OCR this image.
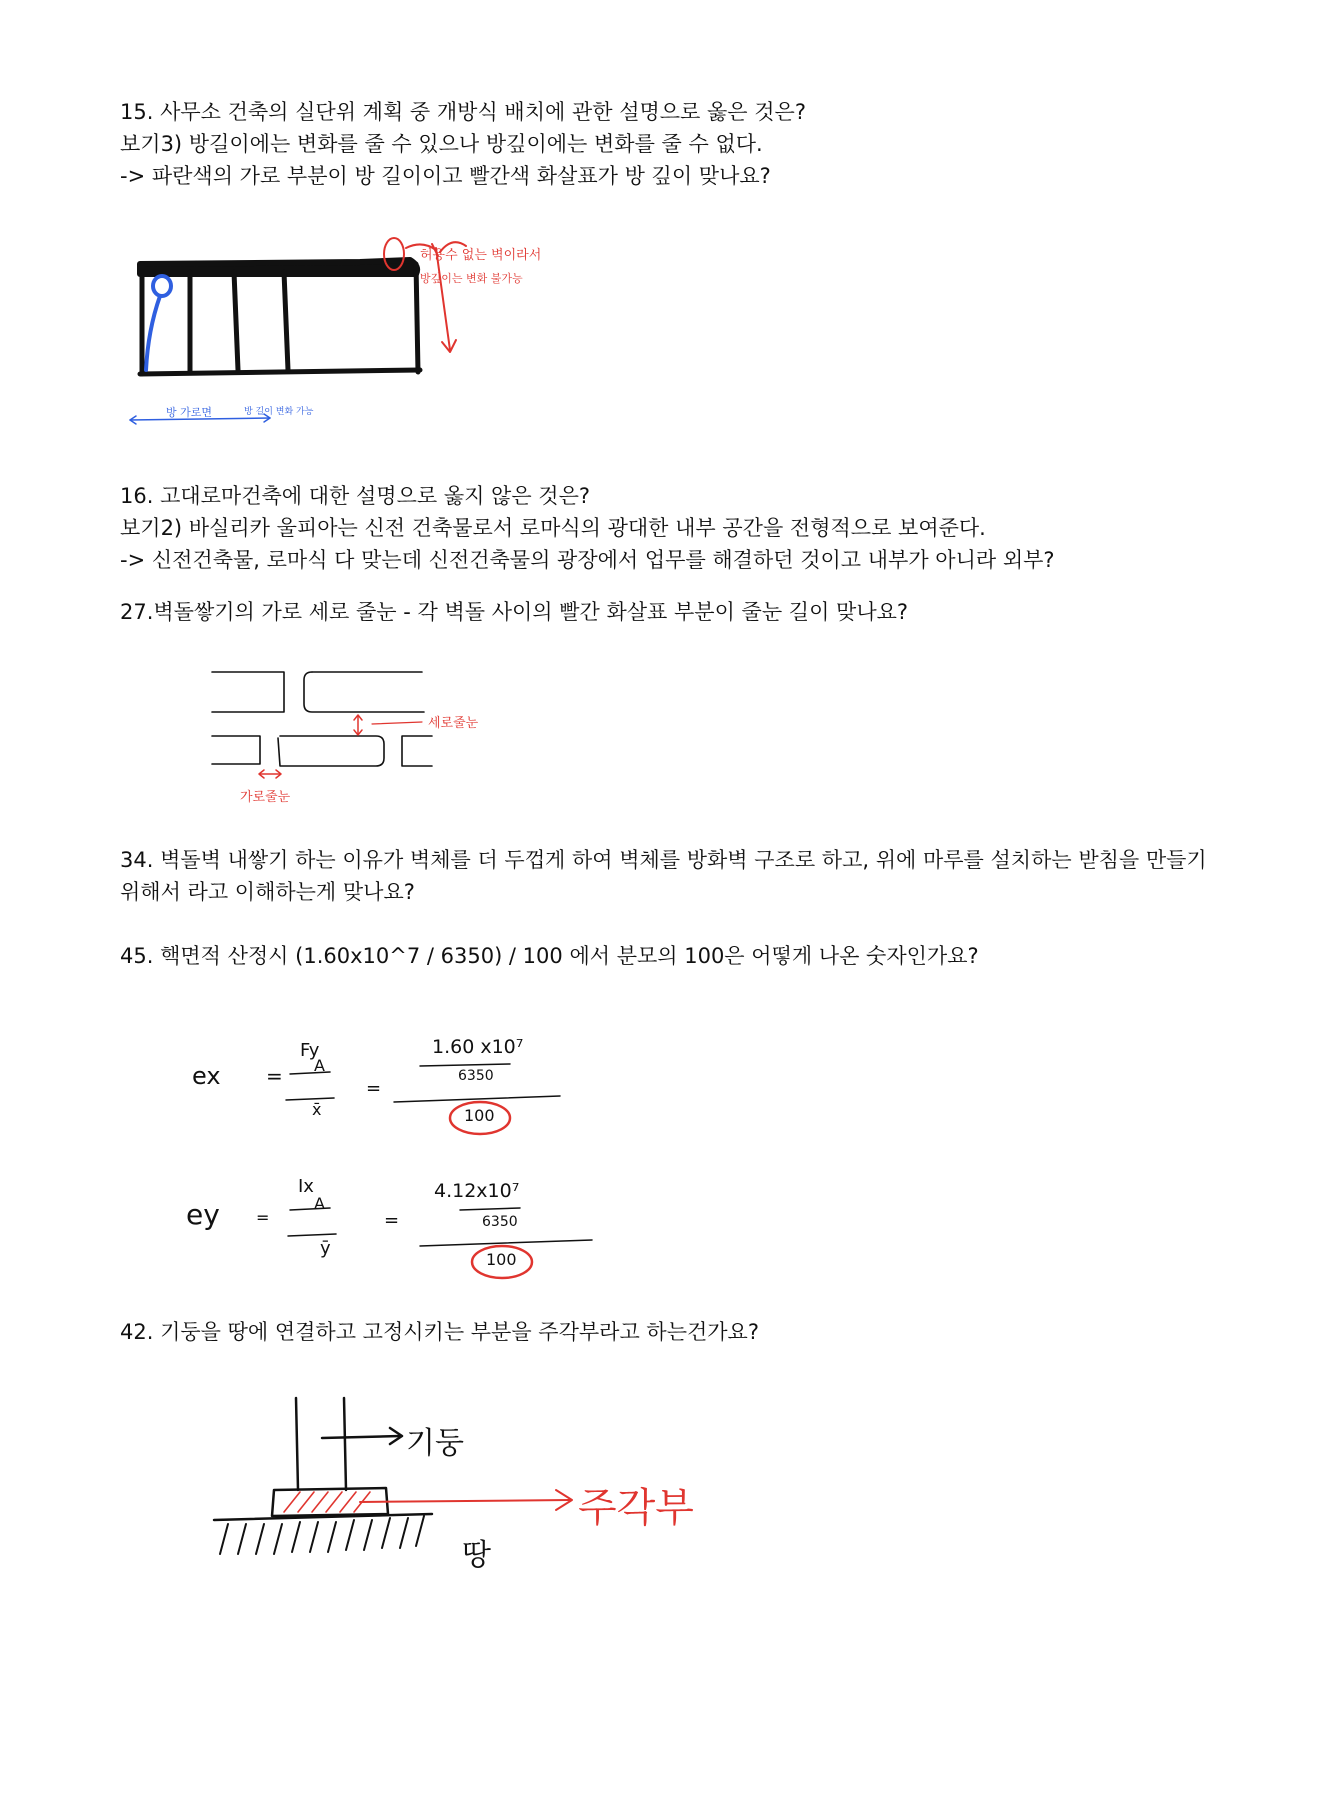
15. 사무소 건축의 실단위 계획 중 개방식 배치에 관한 설명으로 옳은 것은?

보기3) 방길이에는 변화를 줄 수 있으나 방깊이에는 변화를 줄 수 없다.

-> 파란색의 가로 부분이 방 길이이고 빨간색 화살표가 방 깊이 맞나요?

허용수 없는 벽이라서
방깊이는 변화 불가능
방 가로면	방 길이 변화 가능

16. 고대로마건축에 대한 설명으로 옳지 않은 것은?

보기2) 바실리카 울피아는 신전 건축물로서 로마식의 광대한 내부 공간을 전형적으로 보여준다.

-> 신전건축물, 로마식 다 맞는데 신전건축물의 광장에서 업무를 해결하던 것이고 내부가 아니라 외부?

27.벽돌쌓기의 가로 세로 줄눈 - 각 벽돌 사이의 빨간 화살표 부분이 줄눈 길이 맞나요?

세로줄눈
가로줄눈

34. 벽돌벽 내쌓기 하는 이유가 벽체를 더 두껍게 하여 벽체를 방화벽 구조로 하고, 위에 마루를 설치하는 받침을 만들기 위해서 라고 이해하는게 맞나요?

45. 핵면적 산정시 (1.60x10^7 / 6350) / 100 에서 분모의 100은 어떻게 나온 숫자인가요?

ex =
Fy
A
x̄
=
1.60 x10⁷
6350
100
ey =
Ix
A
ȳ
=
4.12x10⁷
6350
100

42. 기둥을 땅에 연결하고 고정시키는 부분을 주각부라고 하는건가요?

기둥
주각부
땅
